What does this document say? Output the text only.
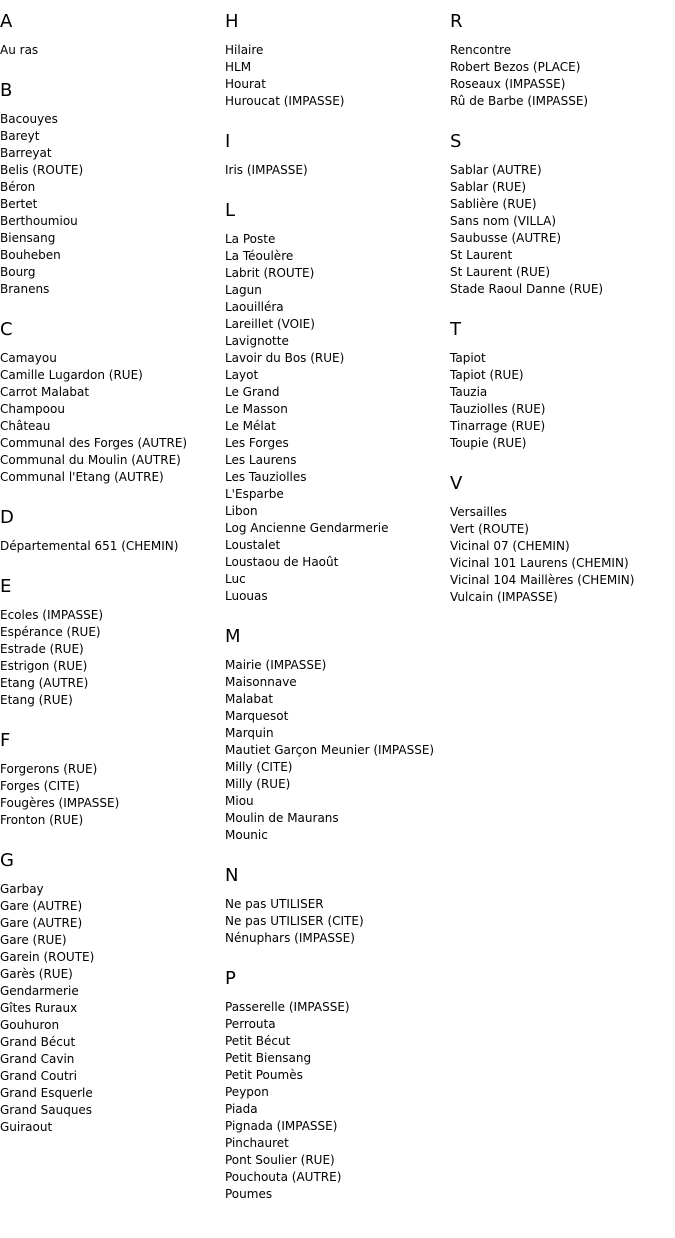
A
Au ras
B
Bacouyes
Bareyt
Barreyat
Belis (ROUTE)
Béron
Bertet
Berthoumiou
Biensang
Bouheben
Bourg
Branens
C
Camayou
Camille Lugardon (RUE)
Carrot Malabat
Champoou
Château
Communal des Forges (AUTRE)
Communal du Moulin (AUTRE)
Communal l'Etang (AUTRE)
D
Départemental 651 (CHEMIN)
E
Ecoles (IMPASSE)
Espérance (RUE)
Estrade (RUE)
Estrigon (RUE)
Etang (AUTRE)
Etang (RUE)
F
Forgerons (RUE)
Forges (CITE)
Fougères (IMPASSE)
Fronton (RUE)
G
Garbay
Gare (AUTRE)
Gare (AUTRE)
Gare (RUE)
Garein (ROUTE)
Garès (RUE)
Gendarmerie
Gîtes Ruraux
Gouhuron
Grand Bécut
Grand Cavin
Grand Coutri
Grand Esquerle
Grand Sauques
Guiraout
H
Hilaire
HLM
Hourat
Huroucat (IMPASSE)
I
Iris (IMPASSE)
L
La Poste
La Téoulère
Labrit (ROUTE)
Lagun
Laouilléra
Lareillet (VOIE)
Lavignotte
Lavoir du Bos (RUE)
Layot
Le Grand
Le Masson
Le Mélat
Les Forges
Les Laurens
Les Tauziolles
L'Esparbe
Libon
Log Ancienne Gendarmerie
Loustalet
Loustaou de Haoût
Luc
Luouas
M
Mairie (IMPASSE)
Maisonnave
Malabat
Marquesot
Marquin
Mautiet Garçon Meunier (IMPASSE)
Milly (CITE)
Milly (RUE)
Miou
Moulin de Maurans
Mounic
N
Ne pas UTILISER
Ne pas UTILISER (CITE)
Nénuphars (IMPASSE)
P
Passerelle (IMPASSE)
Perrouta
Petit Bécut
Petit Biensang
Petit Poumès
Peypon
Piada
Pignada (IMPASSE)
Pinchauret
Pont Soulier (RUE)
Pouchouta (AUTRE)
Poumes
R
Rencontre
Robert Bezos (PLACE)
Roseaux (IMPASSE)
Rû de Barbe (IMPASSE)
S
Sablar (AUTRE)
Sablar (RUE)
Sablière (RUE)
Sans nom (VILLA)
Saubusse (AUTRE)
St Laurent
St Laurent (RUE)
Stade Raoul Danne (RUE)
T
Tapiot
Tapiot (RUE)
Tauzia
Tauziolles (RUE)
Tinarrage (RUE)
Toupie (RUE)
V
Versailles
Vert (ROUTE)
Vicinal 07 (CHEMIN)
Vicinal 101 Laurens (CHEMIN)
Vicinal 104 Maillères (CHEMIN)
Vulcain (IMPASSE)
